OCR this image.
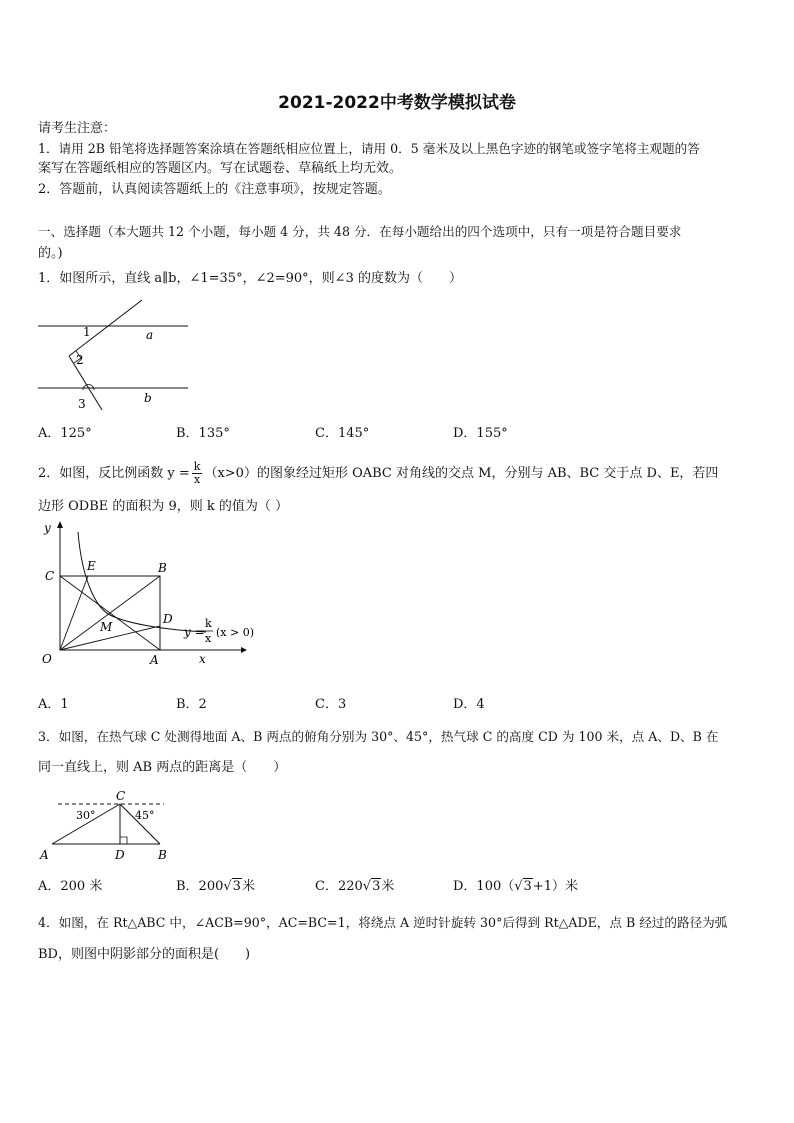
2021-2022中考数学模拟试卷
请考生注意：
1．请用 2B 铅笔将选择题答案涂填在答题纸相应位置上，请用 0．5 毫米及以上黑色字迹的钢笔或签字笔将主观题的答
案写在答题纸相应的答题区内。写在试题卷、草稿纸上均无效。
2．答题前，认真阅读答题纸上的《注意事项》，按规定答题。
一、选择题（本大题共 12 个小题，每小题 4 分，共 48 分．在每小题给出的四个选项中，只有一项是符合题目要求
的。)
1．如图所示，直线 a∥b，∠1=35°，∠2=90°，则∠3 的度数为（　　）
1
2
3
a
b
A．125°	B．135°	C．145°	D．155°
2．如图，反比例函数 $y = \frac{k}{x} (x>0)$的图象经过矩形 OABC 对角线的交点 M，分别与 AB、BC 交于点 D、E，若四
边形 ODBE 的面积为 9，则 k 的值为（ ）
y
x
O	A
B
C
D
E
M	y =
k
x (x > 0)
A．1	B．2	C．3	D．4
3．如图，在热气球 C 处测得地面 A、B 两点的俯角分别为 30°、45°，热气球 C 的高度 CD 为 100 米，点 A、D、B 在
同一直线上，则 AB 两点的距离是（　　）
C
A	D	B
30°	45°
A．200 米	B．200√3米	C．220√3米	D．100（√3+1）米
4．如图，在 Rt△ABC 中，∠ACB=90°，AC=BC=1，将绕点 A 逆时针旋转 30°后得到 Rt△ADE，点 B 经过的路径为弧
BD，则图中阴影部分的面积是(　　)
